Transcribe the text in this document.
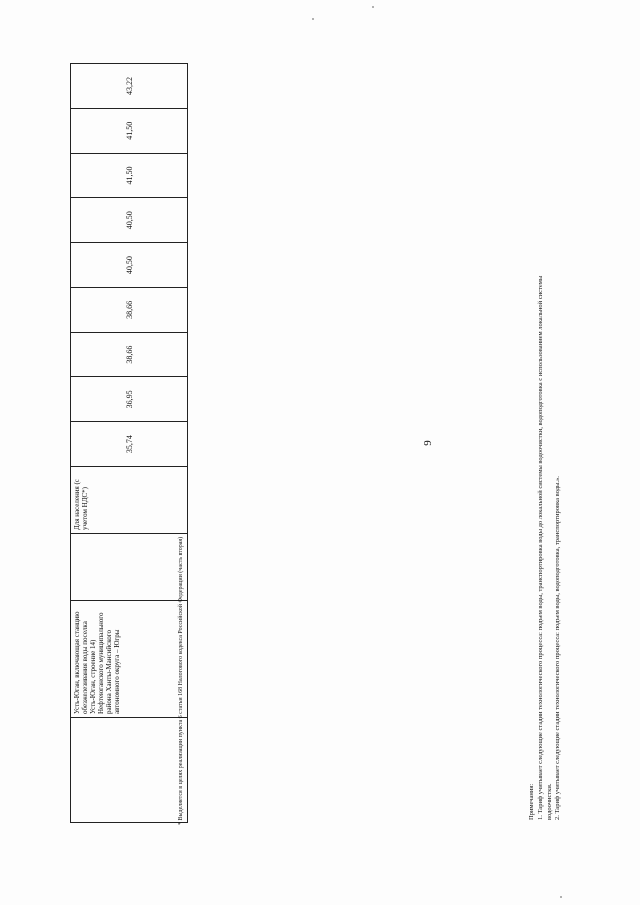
9
	Усть-Юган, включающая станцию обезжелезивания воды поселка Усть-Юган, строение 14) Нефтеюганского муниципального района Ханты-Мансийского автономного округа – Югры		Для населения (с учетом НДС*)	35,74	36,95	38,66	38,66	40,50	40,50	41,50	41,50	43,22
* Выделяется в целях реализации пункта 6 статьи 168 Налогового кодекса Российской Федерации (часть вторая)	Примечания: 1. Тариф учитывает следующие стадии технологического процесса: подъем воды, транспортировка воды до локальной системы водоочистки, водоподготовка с использованием локальной системы водоочистки. 2. Тариф учитывает следующие стадии технологического процесса: подъем воды, водоподготовка, транспортировка воды.».
